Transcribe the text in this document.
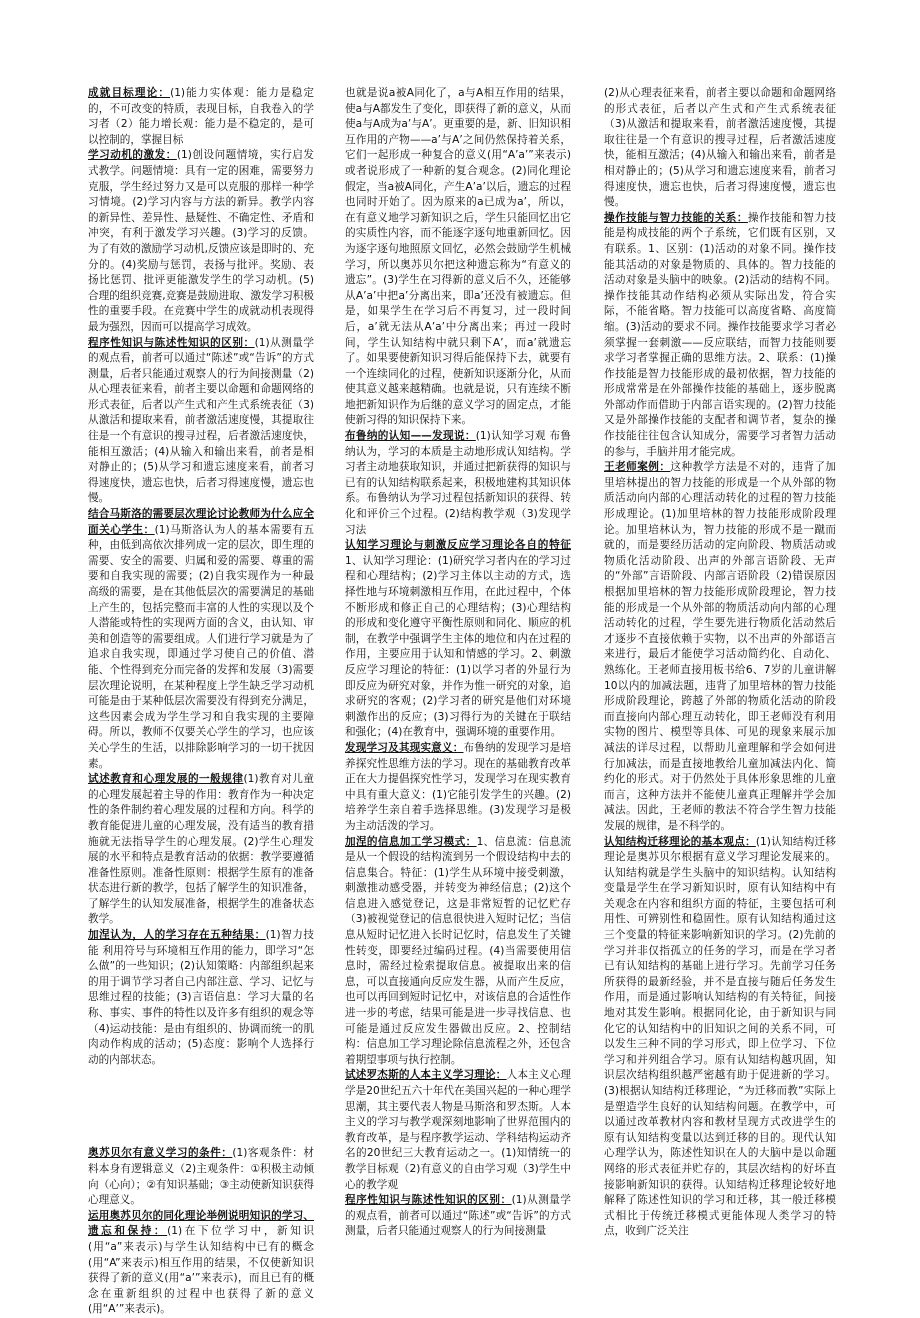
成就目标理论：(1)能力实体观：能力是稳定的，不可改变的特质，表现目标，自我卷入的学习者（2）能力增长观：能力是不稳定的，是可以控制的，掌握目标

学习动机的激发：(1)创设问题情境，实行启发式教学。问题情境：具有一定的困难，需要努力克服，学生经过努力又是可以克服的那样一种学习情境。(2)学习内容与方法的新异。教学内容的新异性、差异性、悬疑性、不确定性、矛盾和冲突，有利于激发学习兴趣。(3)学习的反馈。为了有效的激励学习动机,反馈应该是即时的、充分的。(4)奖励与惩罚，表扬与批评。奖励、表扬比惩罚、批评更能激发学生的学习动机。(5)合理的组织竞赛,竞赛是鼓励进取、激发学习积极性的重要手段。在竞赛中学生的成就动机表现得最为强烈，因而可以提高学习成效。

程序性知识与陈述性知识的区别：(1)从测量学的观点看，前者可以通过“陈述”或“告诉”的方式测量，后者只能通过观察人的行为间接测量（2)从心理表征来看，前者主要以命题和命题网络的形式表征，后者以产生式和产生式系统表征（3)从激活和提取来看，前者激活速度慢，其提取往往是一个有意识的搜寻过程，后者激活速度快，能相互激活；(4)从输入和输出来看，前者是相对静止的；(5)从学习和遗忘速度来看，前者习得速度快，遗忘也快，后者习得速度慢，遗忘也慢。

结合马斯洛的需要层次理论讨论教师为什么应全面关心学生：(1)马斯洛认为人的基本需要有五种，由低到高依次排列成一定的层次，即生理的需要、安全的需要、归属和爱的需要、尊重的需要和自我实现的需要；(2)自我实现作为一种最高级的需要，是在其他低层次的需要满足的基础上产生的，包括完整而丰富的人性的实现以及个人潜能或特性的实现两方面的含义，由认知、审美和创造等的需要组成。人们进行学习就是为了追求自我实现，即通过学习使自己的价值、潜能、个性得到充分而完备的发挥和发展（3)需要层次理论说明，在某种程度上学生缺乏学习动机可能是由于某种低层次需要没有得到充分满足，这些因素会成为学生学习和自我实现的主要障碍。所以，教师不仅要关心学生的学习，也应该关心学生的生活，以排除影响学习的一切干扰因素。

试述教育和心理发展的一般规律(1)教育对儿童的心理发展起着主导的作用：教育作为一种决定性的条件制约着心理发展的过程和方向。科学的教育能促进儿童的心理发展，没有适当的教育措施就无法指导学生的心理发展。(2)学生心理发展的水平和特点是教育活动的依据：教学要遵循准备性原则。准备性原则：根据学生原有的准备状态进行新的教学，包括了解学生的知识准备，了解学生的认知发展准备，根据学生的准备状态教学。

加涅认为，人的学习存在五种结果：(1)智力技能 利用符号与环境相互作用的能力，即学习“怎么做”的一些知识；(2)认知策略：内部组织起来的用于调节学习者自己内部注意、学习、记忆与思维过程的技能；(3)言语信息：学习大量的名称、事实、事件的特性以及许多有组织的观念等（4)运动技能：是由有组织的、协调而统一的肌肉动作构成的活动；(5)态度：影响个人选择行动的内部状态。

奥苏贝尔有意义学习的条件：(1)客观条件：材料本身有逻辑意义（2)主观条件：①积极主动倾向（心向）；②有知识基础；③主动使新知识获得心理意义。

运用奥苏贝尔的同化理论举例说明知识的学习、遗忘和保持：(1)在下位学习中，新知识(用“a”来表示)与学生认知结构中已有的概念(用“A”来表示)相互作用的结果，不仅使新知识获得了新的意义(用“a’”来表示)，而且已有的概念在重新组织的过程中也获得了新的意义(用“A’”来表示)。

也就是说a被A同化了，a与A相互作用的结果，使a与A都发生了变化，即获得了新的意义，从而使a与A成为a’与A’。更重要的是，新、旧知识相互作用的产物——a’与A’之间仍然保持着关系，它们一起形成一种复合的意义(用“A’a’”来表示)或者说形成了一种新的复合观念。(2)同化理论假定，当a被A同化，产生A’a’以后，遗忘的过程也同时开始了。因为原来的a已成为a’，所以，在有意义地学习新知识之后，学生只能回忆出它的实质性内容，而不能逐字逐句地重新回忆。因为逐字逐句地照原文回忆，必然会鼓励学生机械学习，所以奥苏贝尔把这种遗忘称为“有意义的遗忘”。(3)学生在习得新的意义后不久，还能够从A’a’中把a’分离出来，即a’还没有被遗忘。但是，如果学生在学习后不再复习，过一段时间后，a’就无法从A’a’中分离出来；再过一段时间，学生认知结构中就只剩下A’，而a’就遗忘了。如果要使新知识习得后能保持下去，就要有一个连续同化的过程，使新知识逐渐分化，从而使其意义越来越精确。也就是说，只有连续不断地把新知识作为后继的意义学习的固定点，才能使新习得的知识保持下来。

布鲁纳的认知——发现说：(1)认知学习观 布鲁纳认为，学习的本质是主动地形成认知结构。学习者主动地获取知识，并通过把新获得的知识与已有的认知结构联系起来，积极地建构其知识体系。布鲁纳认为学习过程包括新知识的获得、转化和评价三个过程。(2)结构教学观（3)发现学习法

认知学习理论与刺激反应学习理论各自的特征1、认知学习理论：(1)研究学习者内在的学习过程和心理结构；(2)学习主体以主动的方式，选择性地与环境刺激相互作用，在此过程中，个体不断形成和修正自己的心理结构；(3)心理结构的形成和变化遵守平衡性原则和同化、顺应的机制，在教学中强调学生主体的地位和内在过程的作用，主要应用于认知和情感的学习。2、刺激反应学习理论的特征：(1)以学习者的外显行为即反应为研究对象，并作为惟一研究的对象，追求研究的客观；(2)学习者的研究是他们对环境刺激作出的反应；(3)习得行为的关键在于联结和强化；(4)在教育中，强调环境的重要作用。

发现学习及其现实意义：布鲁纳的发现学习是培养探究性思维方法的学习。现在的基础教育改革正在大力提倡探究性学习，发现学习在现实教育中具有重大意义：(1)它能引发学生的兴趣。(2)培养学生亲自着手选择思维。(3)发现学习是极为主动活泼的学习。

加涅的信息加工学习模式：1、信息流：信息流是从一个假设的结构流到另一个假设结构中去的信息集合。特征：(1)学生从环境中接受刺激，刺激推动感受器，并转变为神经信息；(2)这个信息进入感觉登记，这是非常短暂的记忆贮存（3)被视觉登记的信息很快进入短时记忆；当信息从短时记忆进入长时记忆时，信息发生了关键性转变，即要经过编码过程。(4)当需要使用信息时，需经过检索提取信息。被提取出来的信息，可以直接通向反应发生器，从而产生反应，也可以再回到短时记忆中，对该信息的合适性作进一步的考虑，结果可能是进一步寻找信息、也可能是通过反应发生器做出反应。2、控制结构：信息加工学习理论除信息流程之外，还包含着期望事项与执行控制。

试述罗杰斯的人本主义学习理论：人本主义心理学是20世纪五六十年代在美国兴起的一种心理学思潮，其主要代表人物是马斯洛和罗杰斯。人本主义的学习与教学观深刻地影响了世界范围内的教育改革，是与程序教学运动、学科结构运动齐名的20世纪三大教育运动之一。(1)知情统一的教学目标观（2)有意义的自由学习观（3)学生中心的教学观

程序性知识与陈述性知识的区别：(1)从测量学的观点看，前者可以通过“陈述”或“告诉”的方式测量，后者只能通过观察人的行为间接测量

(2)从心理表征来看，前者主要以命题和命题网络的形式表征，后者以产生式和产生式系统表征（3)从激活和提取来看，前者激活速度慢，其提取往往是一个有意识的搜寻过程，后者激活速度快，能相互激活；(4)从输入和输出来看，前者是相对静止的；(5)从学习和遗忘速度来看，前者习得速度快，遗忘也快，后者习得速度慢，遗忘也慢。

操作技能与智力技能的关系：操作技能和智力技能是构成技能的两个子系统，它们既有区别，又有联系。1、区别：(1)活动的对象不同。操作技能其活动的对象是物质的、具体的。智力技能的活动对象是头脑中的映象。(2)活动的结构不同。操作技能其动作结构必须从实际出发，符合实际，不能省略。智力技能可以高度省略、高度简缩。(3)活动的要求不同。操作技能要求学习者必须掌握一套刺激——反应联结，而智力技能则要求学习者掌握正确的思维方法。2、联系：(1)操作技能是智力技能形成的最初依据，智力技能的形成常常是在外部操作技能的基础上，逐步脱离外部动作而借助于内部言语实现的。(2)智力技能又是外部操作技能的支配者和调节者，复杂的操作技能往往包含认知成分，需要学习者智力活动的参与，手脑并用才能完成。

王老师案例：这种教学方法是不对的，违背了加里培林提出的智力技能的形成是一个从外部的物质活动向内部的心理活动转化的过程的智力技能形成理论。(1)加里培林的智力技能形成阶段理论。加里培林认为，智力技能的形成不是一蹴而就的，而是要经历活动的定向阶段、物质活动或物质化活动阶段、出声的外部言语阶段、无声的“外部”言语阶段、内部言语阶段（2)错误原因 根据加里培林的智力技能形成阶段理论，智力技能的形成是一个从外部的物质活动向内部的心理活动转化的过程，学生要先进行物质化活动然后才逐步不直接依赖于实物，以不出声的外部语言来进行，最后才能使学习活动简约化、自动化、熟练化。王老师直接用板书给6、7岁的儿童讲解10以内的加减法题，违背了加里培林的智力技能形成阶段理论，跨越了外部的物质化活动的阶段而直接向内部心理互动转化，即王老师没有利用实物的图片、模型等具体、可见的现象来展示加减法的详尽过程，以帮助儿童理解和学会如何进行加减法，而是直接地教给儿童加减法内化、简约化的形式。对于仍然处于具体形象思维的儿童而言，这种方法并不能使儿童真正理解并学会加减法。因此，王老师的教法不符合学生智力技能发展的规律，是不科学的。

认知结构迁移理论的基本观点：(1)认知结构迁移理论是奥苏贝尔根据有意义学习理论发展来的。认知结构就是学生头脑中的知识结构。认知结构变量是学生在学习新知识时，原有认知结构中有关观念在内容和组织方面的特征，主要包括可利用性、可辨别性和稳固性。原有认知结构通过这三个变量的特征来影响新知识的学习。(2)先前的学习并非仅指孤立的任务的学习，而是在学习者已有认知结构的基础上进行学习。先前学习任务所获得的最新经验，并不是直接与随后任务发生作用，而是通过影响认知结构的有关特征，间接地对其发生影响。根据同化论，由于新知识与同化它的认知结构中的旧知识之间的关系不同，可以发生三种不同的学习形式，即上位学习、下位学习和并列组合学习。原有认知结构越巩固，知识层次结构组织越严密越有助于促进新的学习。(3)根据认知结构迁移理论，“为迁移而教”实际上是塑造学生良好的认知结构问题。在教学中，可以通过改革教材内容和教材呈现方式改进学生的原有认知结构变量以达到迁移的目的。现代认知心理学认为，陈述性知识在人的大脑中是以命题网络的形式表征并贮存的，其层次结构的好坏直接影响新知识的获得。认知结构迁移理论较好地解释了陈述性知识的学习和迁移，其一般迁移模式相比于传统迁移模式更能体现人类学习的特点，收到广泛关注
